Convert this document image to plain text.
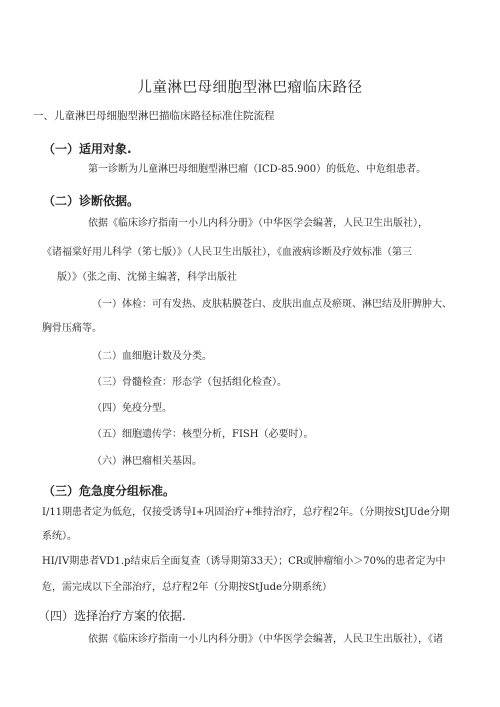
儿童淋巴母细胞型淋巴瘤临床路径
一、儿童淋巴母细胞型淋巴描临床路径标准住院流程
（一）适用对象.
第一诊断为儿童淋巴母细胞型淋巴瘤（ICD-85.900）的低危、中危组患者。
（二）诊断依据。
依据《临床诊疗指南一小儿内科分册》（中华医学会编著，人民卫生出版社），
《诸福棠好用儿科学（笫七版）》（人民卫生出版社），《血液病诊断及疗效标准（第三
版）》（张之南、沈悌主编著，科学出版社
（一）体检：可有发热、皮肤粘膜苍白、皮肤出血点及瘀斑、淋巴结及肝脾肿大、
胸骨压痛等。
（二）血细胞计数及分类。
（三）骨髓检查：形态学（包括组化检查）。
（四）免疫分型。
（五）细胞遗传学：核型分析，FISH（必要时）。
（六）淋巴瘤相关基因。
（三）危急度分组标准。
I/11期患者定为低危，仅接受诱导I+巩固治疗+维持治疗，总疗程2年。（分期按StJUde分期
系统）。
HI/IV期患者VD1.p结束后全面复查（诱导期第33天）；CR或肿瘤缩小＞70%的患者定为中
危，需完成以下全部治疗，总疗程2年（分期按StJude分期系统）
（四）选择治疗方案的依据.
依据《临床诊疗指南一小儿内科分册》（中华医学会编著，人民卫生出版社），《诸
